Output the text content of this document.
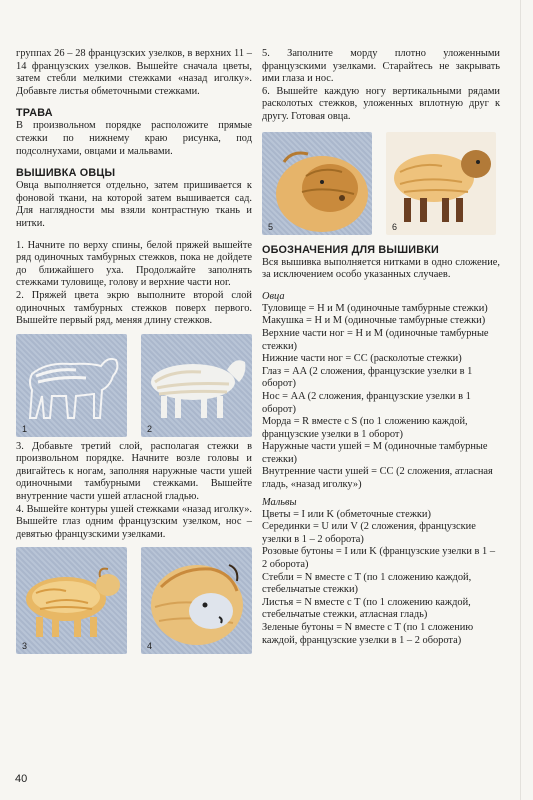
группах 26 – 28 французских узелков, в верхних 11 – 14 французских узелков. Вышейте сначала цветы, затем стебли мелкими стежками «назад иголку». Добавьте листья обметочными стежками.

ТРАВА

В произвольном порядке расположите прямые стежки по нижнему краю рисунка, под подсолнухами, овцами и мальвами.

ВЫШИВКА ОВЦЫ

Овца выполняется отдельно, затем пришивается к фоновой ткани, на которой затем вышивается сад. Для наглядности мы взяли контрастную ткань и нитки.

1. Начните по верху спины, белой пряжей вышейте ряд одиночных тамбурных стежков, пока не дойдете до ближайшего уха. Продолжайте заполнять стежками туловище, голову и верхние части ног.

2. Пряжей цвета экрю выполните второй слой одиночных тамбурных стежков поверх первого. Вышейте первый ряд, меняя длину стежков.

1	2

3. Добавьте третий слой, располагая стежки в произвольном порядке. Начните возле головы и двигайтесь к ногам, заполняя наружные части ушей одиночными тамбурными стежками. Вышейте внутренние части ушей атласной гладью.

4. Вышейте контуры ушей стежками «назад иголку». Вышейте глаз одним французским узелком, нос – девятью французскими узелками.

3	4

5. Заполните морду плотно уложенными французскими узелками. Старайтесь не закрывать ими глаза и нос.

6. Вышейте каждую ногу вертикальными рядами расколотых стежков, уложенных вплотную друг к другу. Готовая овца.

5	6
ОБОЗНАЧЕНИЯ ДЛЯ ВЫШИВКИ

Вся вышивка выполняется нитками в одно сложение, за исключением особо указанных случаев.

Овца

Туловище = H и M (одиночные тамбурные стежки)

Макушка = H и M (одиночные тамбурные стежки)

Верхние части ног = H и M (одиночные тамбурные стежки)

Нижние части ног = CC (расколотые стежки)

Глаз = AA (2 сложения, французские узелки в 1 оборот)

Нос = AA (2 сложения, французские узелки в 1 оборот)

Морда = R вместе с S (по 1 сложению каждой, французские узелки в 1 оборот)

Наружные части ушей = M (одиночные тамбурные стежки)

Внутренние части ушей = CC (2 сложения, атласная гладь, «назад иголку»)

Мальвы

Цветы = I или K (обметочные стежки)

Серединки = U или V (2 сложения, французские узелки в 1 – 2 оборота)

Розовые бутоны = I или K (французские узелки в 1 – 2 оборота)

Стебли = N вместе с T (по 1 сложению каждой, стебельчатые стежки)

Листья = N вместе с T (по 1 сложению каждой, стебельчатые стежки, атласная гладь)

Зеленые бутоны = N вместе с T (по 1 сложению каждой, французские узелки в 1 – 2 оборота)

40
